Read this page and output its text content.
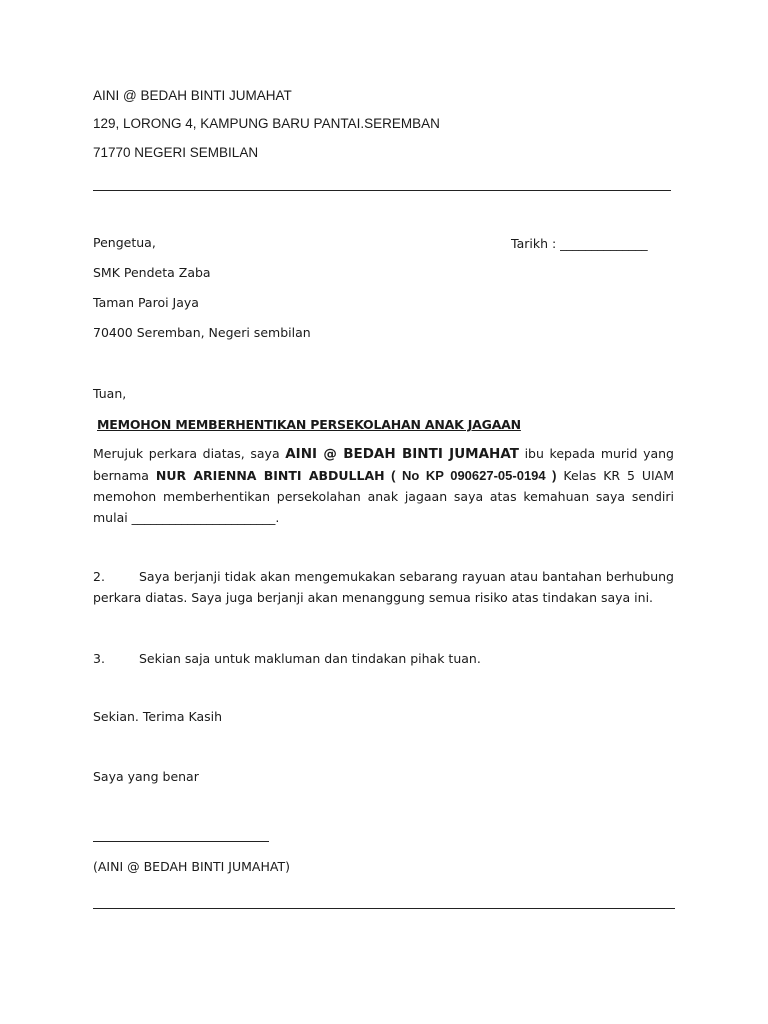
AINI @ BEDAH BINTI JUMAHAT
129, LORONG 4, KAMPUNG BARU PANTAI.SEREMBAN
71770 NEGERI SEMBILAN
Pengetua,	Tarikh : ______________
SMK Pendeta Zaba
Taman Paroi Jaya
70400 Seremban, Negeri sembilan
Tuan,
MEMOHON MEMBERHENTIKAN PERSEKOLAHAN ANAK JAGAAN
Merujuk perkara diatas, saya AINI @ BEDAH BINTI JUMAHAT ibu kepada murid yang bernama NUR ARIENNA BINTI ABDULLAH ( No KP 090627-05-0194 ) Kelas KR 5 UIAM memohon memberhentikan persekolahan anak jagaan saya atas kemahuan saya sendiri mulai _______________________.
2.	Saya berjanji tidak akan mengemukakan sebarang rayuan atau bantahan berhubung perkara diatas. Saya juga berjanji akan menanggung semua risiko atas tindakan saya ini.
3.	Sekian saja untuk makluman dan tindakan pihak tuan.
Sekian. Terima Kasih
Saya yang benar
(AINI @ BEDAH BINTI JUMAHAT)
